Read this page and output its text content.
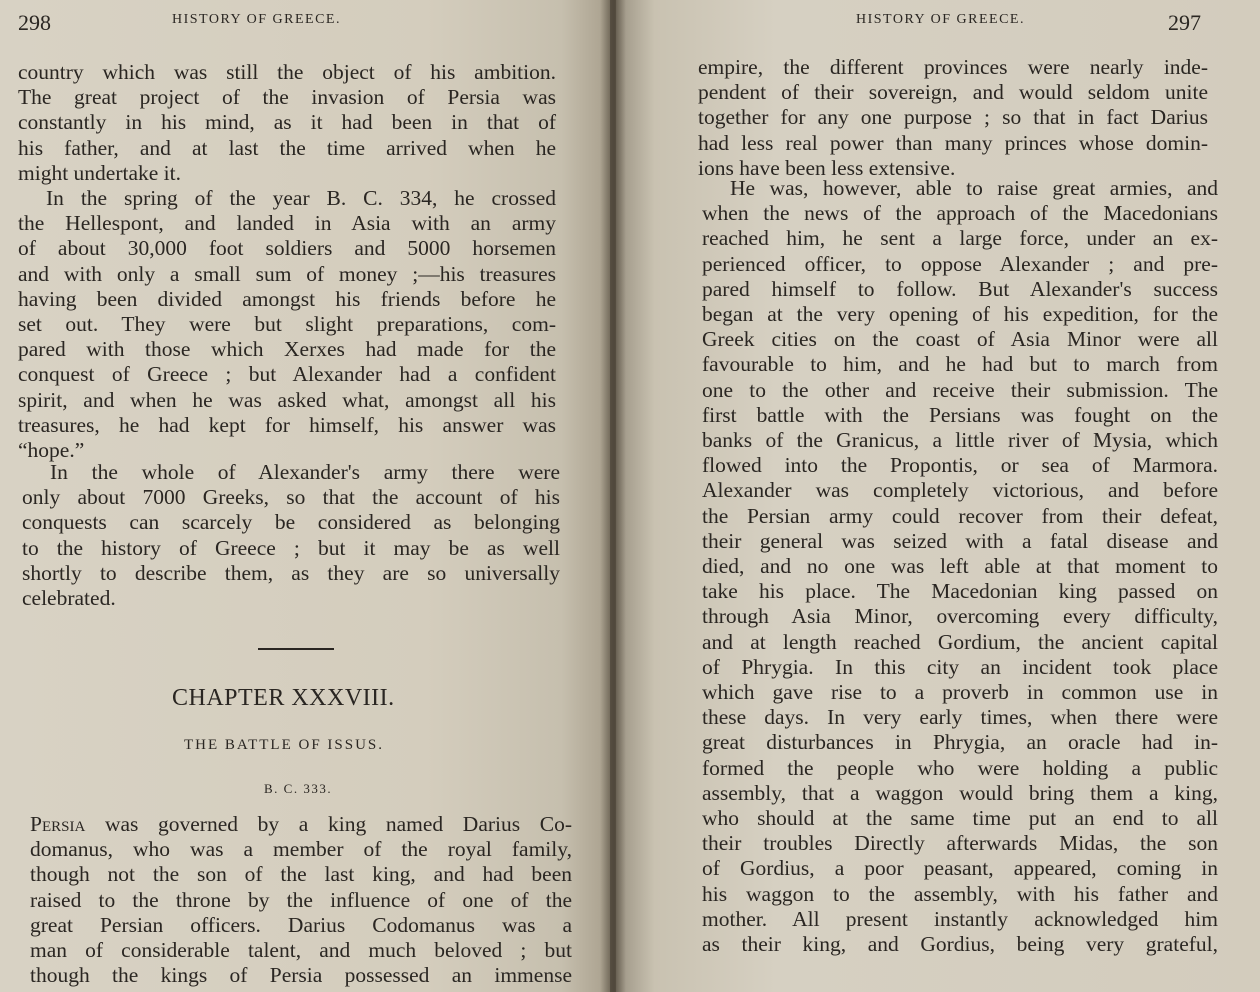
298	HISTORY OF GREECE.
country which was still the object of his ambition.
The great project of the invasion of Persia was
constantly in his mind, as it had been in that of
his father, and at last the time arrived when he
might undertake it.
In the spring of the year B. C. 334, he crossed
the Hellespont, and landed in Asia with an army
of about 30,000 foot soldiers and 5000 horsemen
and with only a small sum of money ;—his treasures
having been divided amongst his friends before he
set out. They were but slight preparations, com-
pared with those which Xerxes had made for the
conquest of Greece ; but Alexander had a confident
spirit, and when he was asked what, amongst all his
treasures, he had kept for himself, his answer was
“hope.”
In the whole of Alexander's army there were
only about 7000 Greeks, so that the account of his
conquests can scarcely be considered as belonging
to the history of Greece ; but it may be as well
shortly to describe them, as they are so universally
celebrated.
CHAPTER XXXVIII.
THE BATTLE OF ISSUS.
B. C. 333.
Persia was governed by a king named Darius Co-
domanus, who was a member of the royal family,
though not the son of the last king, and had been
raised to the throne by the influence of one of the
great Persian officers. Darius Codomanus was a
man of considerable talent, and much beloved ; but
though the kings of Persia possessed an immense
HISTORY OF GREECE.	297
empire, the different provinces were nearly inde-
pendent of their sovereign, and would seldom unite
together for any one purpose ; so that in fact Darius
had less real power than many princes whose domin-
ions have been less extensive.
He was, however, able to raise great armies, and
when the news of the approach of the Macedonians
reached him, he sent a large force, under an ex-
perienced officer, to oppose Alexander ; and pre-
pared himself to follow. But Alexander's success
began at the very opening of his expedition, for the
Greek cities on the coast of Asia Minor were all
favourable to him, and he had but to march from
one to the other and receive their submission. The
first battle with the Persians was fought on the
banks of the Granicus, a little river of Mysia, which
flowed into the Propontis, or sea of Marmora.
Alexander was completely victorious, and before
the Persian army could recover from their defeat,
their general was seized with a fatal disease and
died, and no one was left able at that moment to
take his place. The Macedonian king passed on
through Asia Minor, overcoming every difficulty,
and at length reached Gordium, the ancient capital
of Phrygia. In this city an incident took place
which gave rise to a proverb in common use in
these days. In very early times, when there were
great disturbances in Phrygia, an oracle had in-
formed the people who were holding a public
assembly, that a waggon would bring them a king,
who should at the same time put an end to all
their troubles Directly afterwards Midas, the son
of Gordius, a poor peasant, appeared, coming in
his waggon to the assembly, with his father and
mother. All present instantly acknowledged him
as their king, and Gordius, being very grateful,
